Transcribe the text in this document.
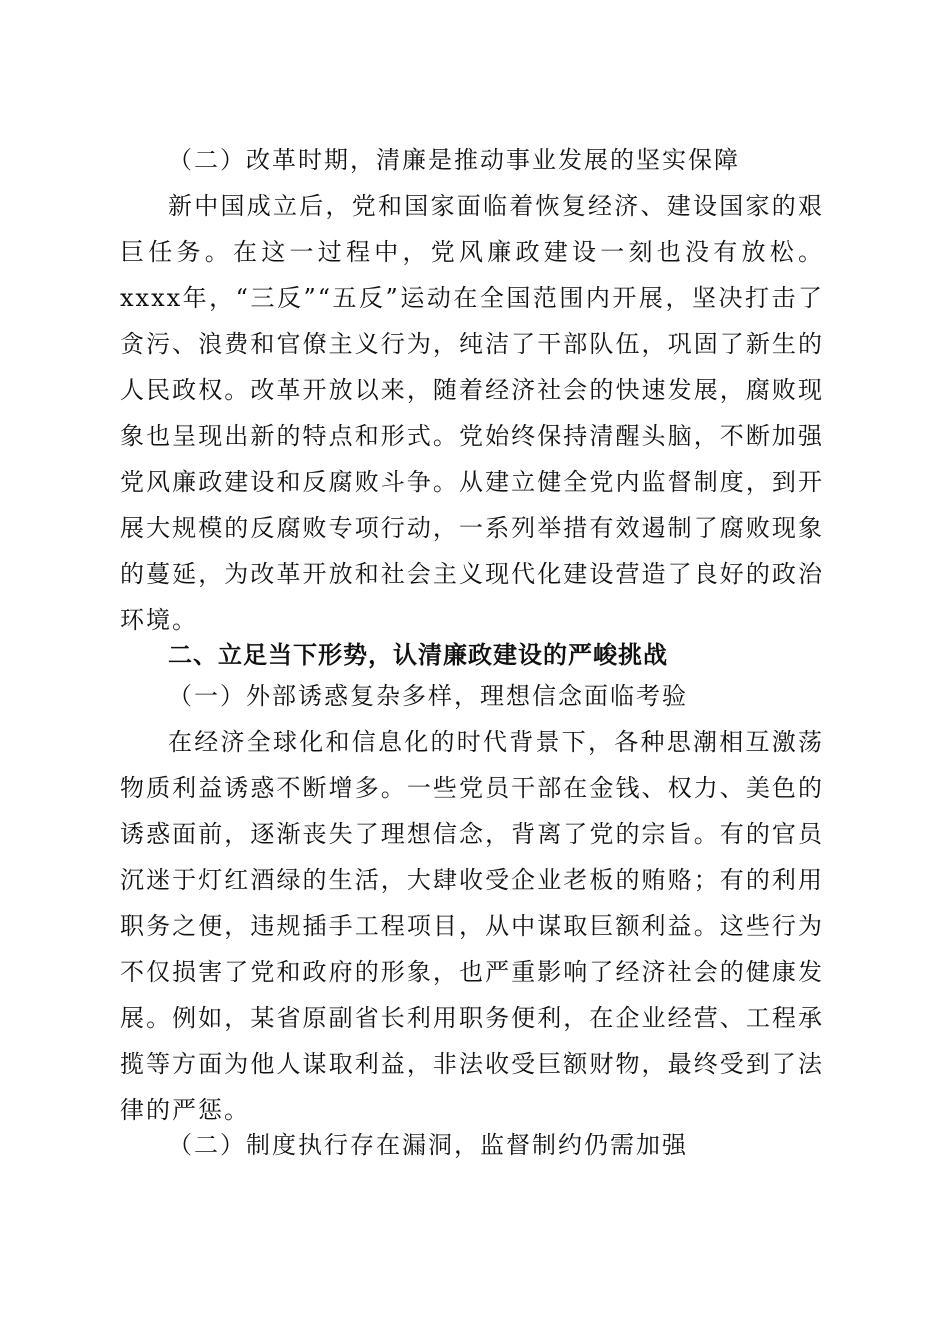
（二）改革时期，清廉是推动事业发展的坚实保障

新中国成立后，党和国家面临着恢复经济、建设国家的艰巨任务。在这一过程中，党风廉政建设一刻也没有放松。xxxx年，“三反”“五反”运动在全国范围内开展，坚决打击了贪污、浪费和官僚主义行为，纯洁了干部队伍，巩固了新生的人民政权。改革开放以来，随着经济社会的快速发展，腐败现象也呈现出新的特点和形式。党始终保持清醒头脑，不断加强党风廉政建设和反腐败斗争。从建立健全党内监督制度，到开展大规模的反腐败专项行动，一系列举措有效遏制了腐败现象的蔓延，为改革开放和社会主义现代化建设营造了良好的政治环境。

二、立足当下形势，认清廉政建设的严峻挑战

（一）外部诱惑复杂多样，理想信念面临考验

在经济全球化和信息化的时代背景下，各种思潮相互激荡物质利益诱惑不断增多。一些党员干部在金钱、权力、美色的诱惑面前，逐渐丧失了理想信念，背离了党的宗旨。有的官员沉迷于灯红酒绿的生活，大肆收受企业老板的贿赂；有的利用职务之便，违规插手工程项目，从中谋取巨额利益。这些行为不仅损害了党和政府的形象，也严重影响了经济社会的健康发展。例如，某省原副省长利用职务便利，在企业经营、工程承揽等方面为他人谋取利益，非法收受巨额财物，最终受到了法律的严惩。

（二）制度执行存在漏洞，监督制约仍需加强
